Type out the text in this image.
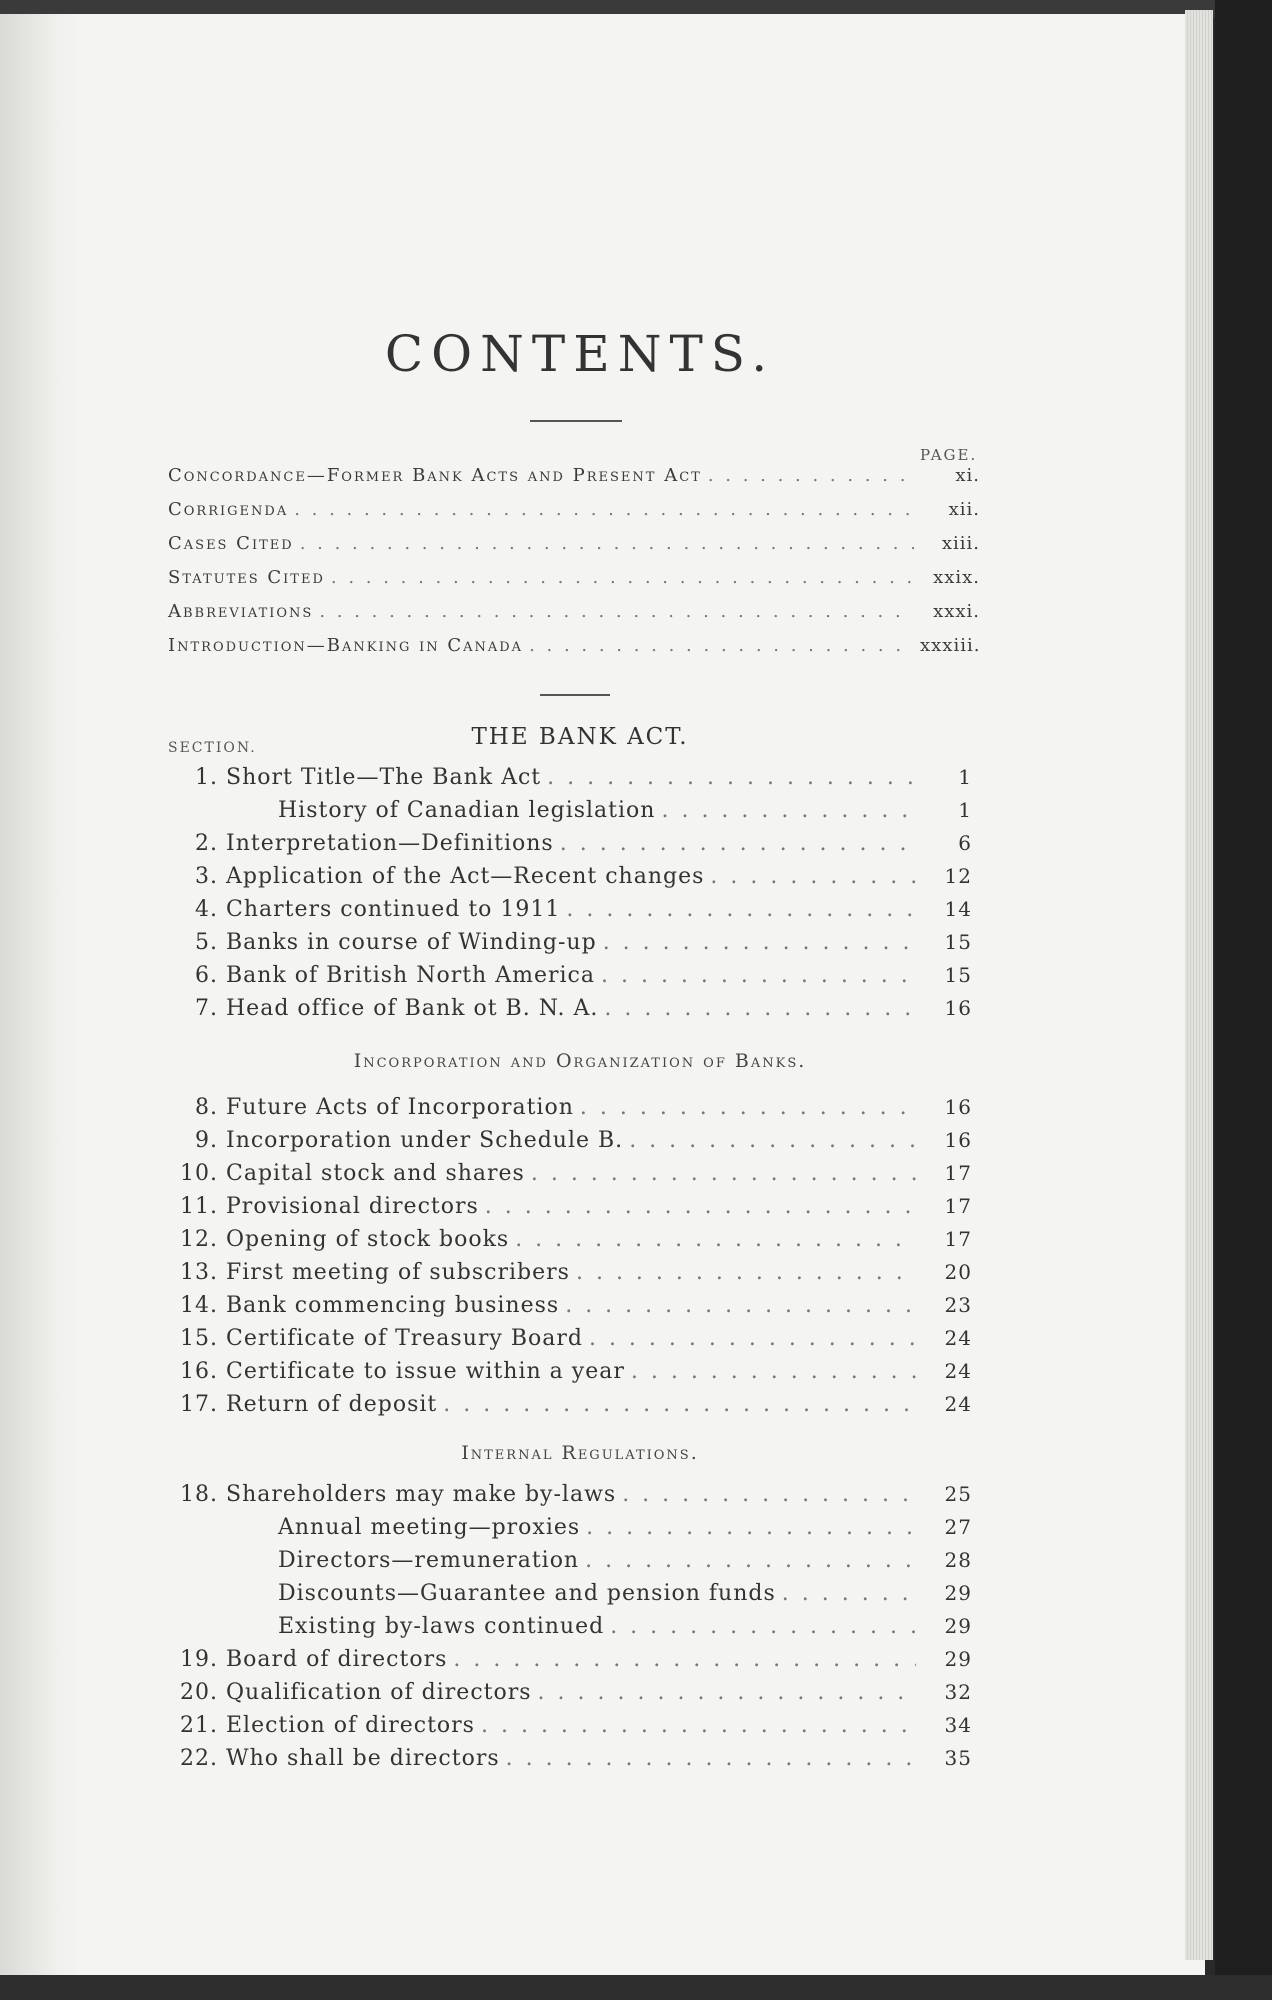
CONTENTS.
PAGE.
Concordance—Former Bank Acts and Present Act . . .	xi.
Corrigenda . . .	xii.
Cases Cited . . .	xiii.
Statutes Cited . . .	xxix.
Abbreviations . . .	xxxi.
Introduction—Banking in Canada . . .	xxxiii.
SECTION.	THE BANK ACT.
1. Short Title—The Bank Act . . .	1
History of Canadian legislation . . .	1
2. Interpretation—Definitions . . .	6
3. Application of the Act—Recent changes . . .	12
4. Charters continued to 1911 . . .	14
5. Banks in course of Winding-up . . .	15
6. Bank of British North America . . .	15
7. Head office of Bank ot B. N. A. . . .	16
Incorporation and Organization of Banks.
8. Future Acts of Incorporation . . .	16
9. Incorporation under Schedule B. . . .	16
10. Capital stock and shares . . .	17
11. Provisional directors . . .	17
12. Opening of stock books . . .	17
13. First meeting of subscribers . . .	20
14. Bank commencing business . . .	23
15. Certificate of Treasury Board . . .	24
16. Certificate to issue within a year . . .	24
17. Return of deposit . . .	24
Internal Regulations.
18. Shareholders may make by-laws . . .	25
Annual meeting—proxies . . .	27
Directors—remuneration . . .	28
Discounts—Guarantee and pension funds . . .	29
Existing by-laws continued . . .	29
19. Board of directors . . .	29
20. Qualification of directors . . .	32
21. Election of directors . . .	34
22. Who shall be directors . . .	35
